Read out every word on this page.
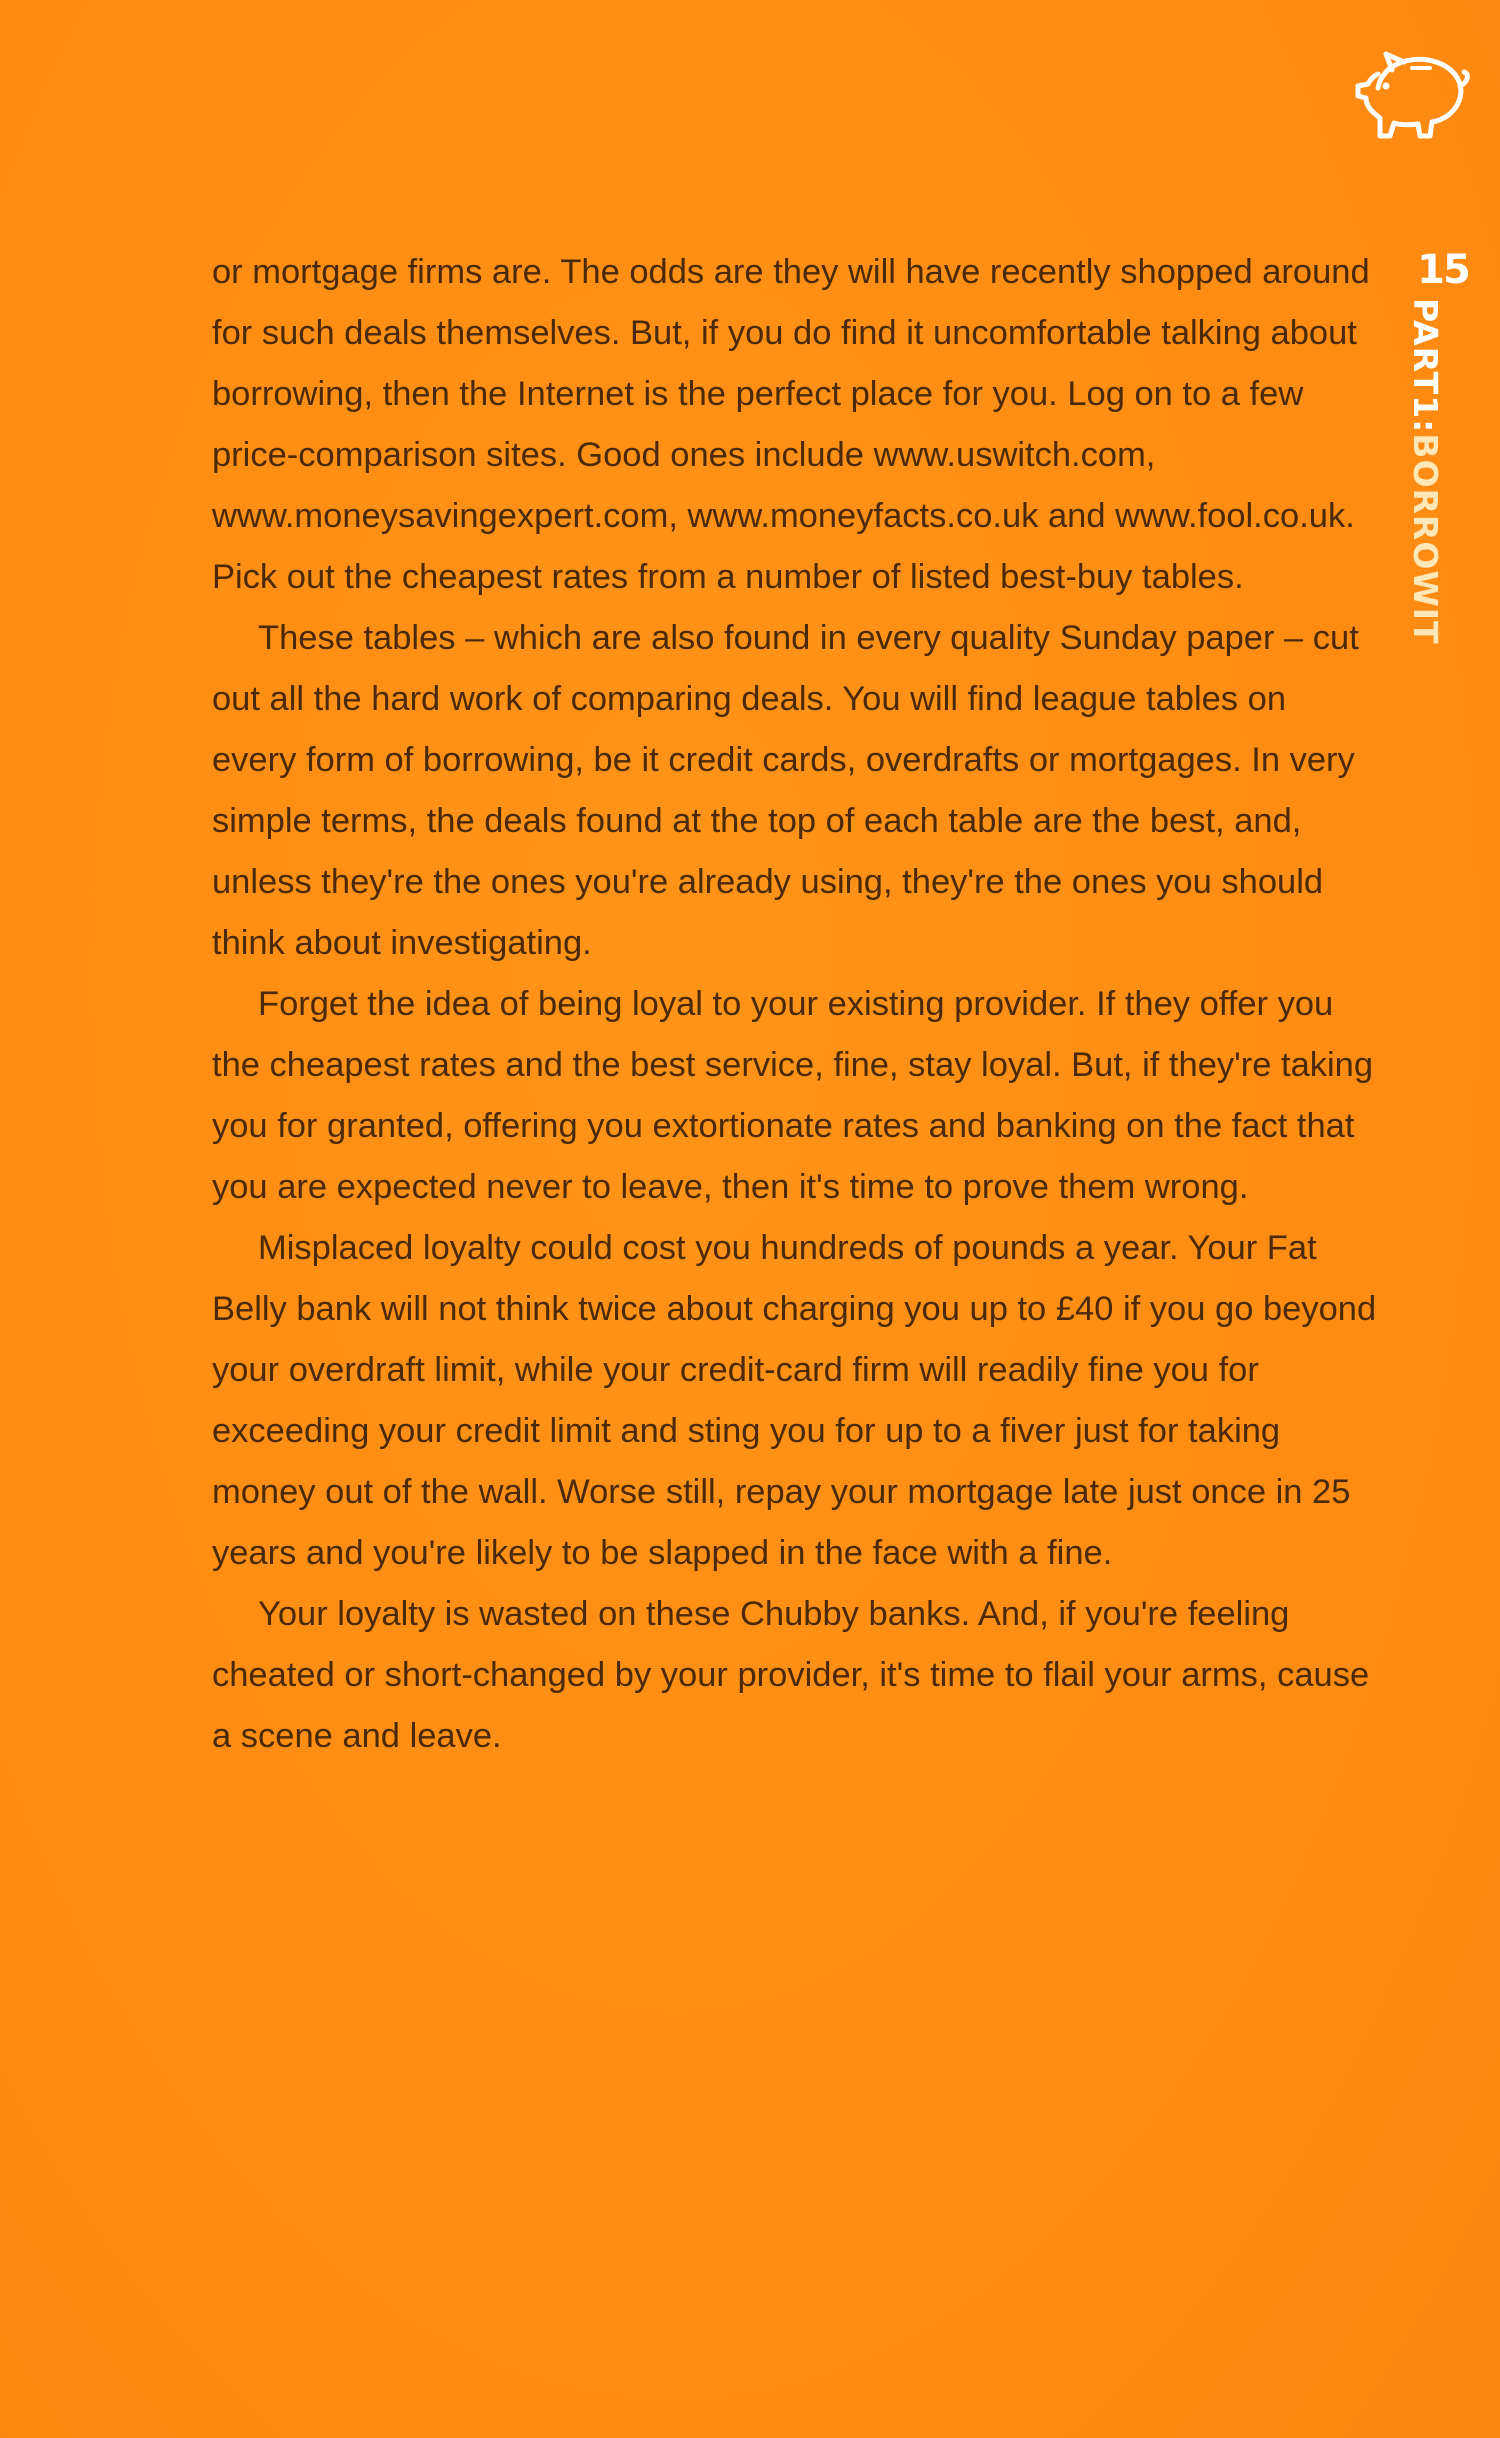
15
PART1:BORROWIT

or mortgage firms are. The odds are they will have recently shopped around for such deals themselves. But, if you do find it uncomfortable talking about borrowing, then the Internet is the perfect place for you. Log on to a few price-comparison sites. Good ones include www.uswitch.com, www.moneysavingexpert.com, www.moneyfacts.co.uk and www.fool.co.uk. Pick out the cheapest rates from a number of listed best-buy tables.

These tables – which are also found in every quality Sunday paper – cut out all the hard work of comparing deals. You will find league tables on every form of borrowing, be it credit cards, overdrafts or mortgages. In very simple terms, the deals found at the top of each table are the best, and, unless they're the ones you're already using, they're the ones you should think about investigating.

Forget the idea of being loyal to your existing provider. If they offer you the cheapest rates and the best service, fine, stay loyal. But, if they're taking you for granted, offering you extortionate rates and banking on the fact that you are expected never to leave, then it's time to prove them wrong.

Misplaced loyalty could cost you hundreds of pounds a year. Your Fat Belly bank will not think twice about charging you up to £40 if you go beyond your overdraft limit, while your credit-card firm will readily fine you for exceeding your credit limit and sting you for up to a fiver just for taking money out of the wall. Worse still, repay your mortgage late just once in 25 years and you're likely to be slapped in the face with a fine.

Your loyalty is wasted on these Chubby banks. And, if you're feeling cheated or short-changed by your provider, it's time to flail your arms, cause a scene and leave.
